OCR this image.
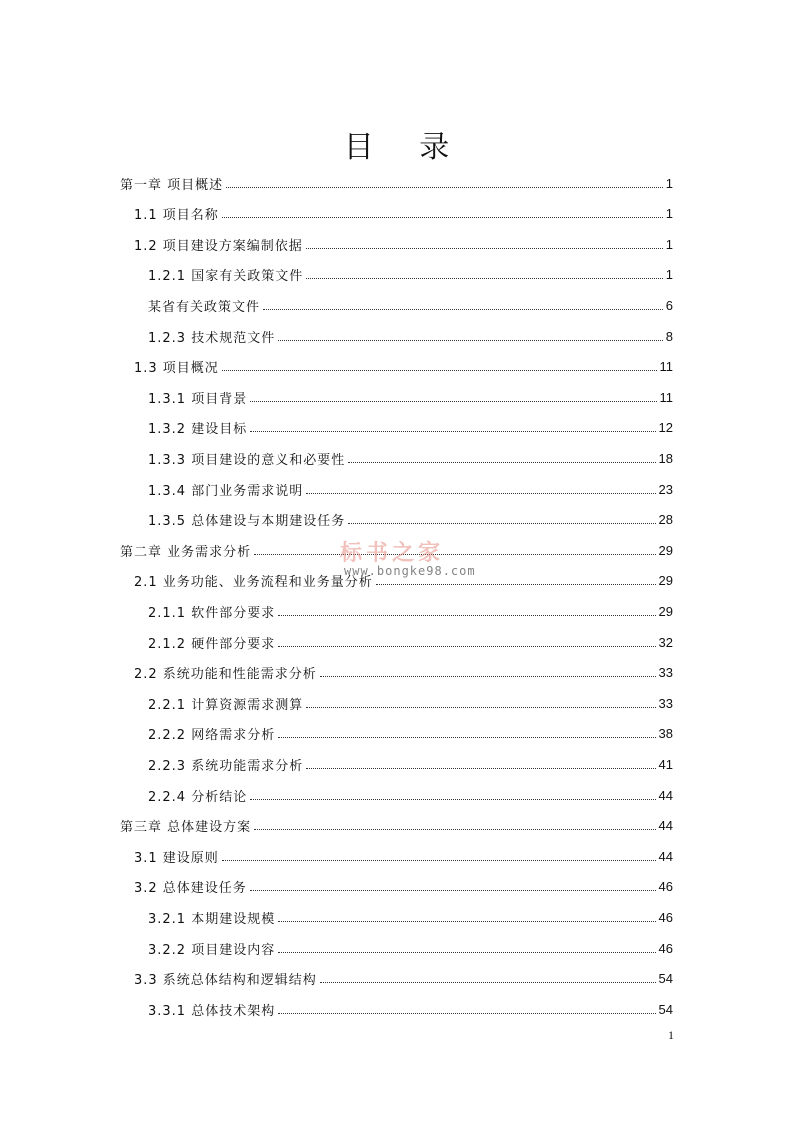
目 录
第一章 项目概述	1
1.1 项目名称	1
1.2 项目建设方案编制依据	1
1.2.1 国家有关政策文件	1
某省有关政策文件	6
1.2.3 技术规范文件	8
1.3 项目概况	11
1.3.1 项目背景	11
1.3.2 建设目标	12
1.3.3 项目建设的意义和必要性	18
1.3.4 部门业务需求说明	23
1.3.5 总体建设与本期建设任务	28
第二章 业务需求分析	29
2.1 业务功能、业务流程和业务量分析	29
2.1.1 软件部分要求	29
2.1.2 硬件部分要求	32
2.2 系统功能和性能需求分析	33
2.2.1 计算资源需求测算	33
2.2.2 网络需求分析	38
2.2.3 系统功能需求分析	41
2.2.4 分析结论	44
第三章 总体建设方案	44
3.1 建设原则	44
3.2 总体建设任务	46
3.2.1 本期建设规模	46
3.2.2 项目建设内容	46
3.3 系统总体结构和逻辑结构	54
3.3.1 总体技术架构	54
标书之家
www.bongke98.com
1
